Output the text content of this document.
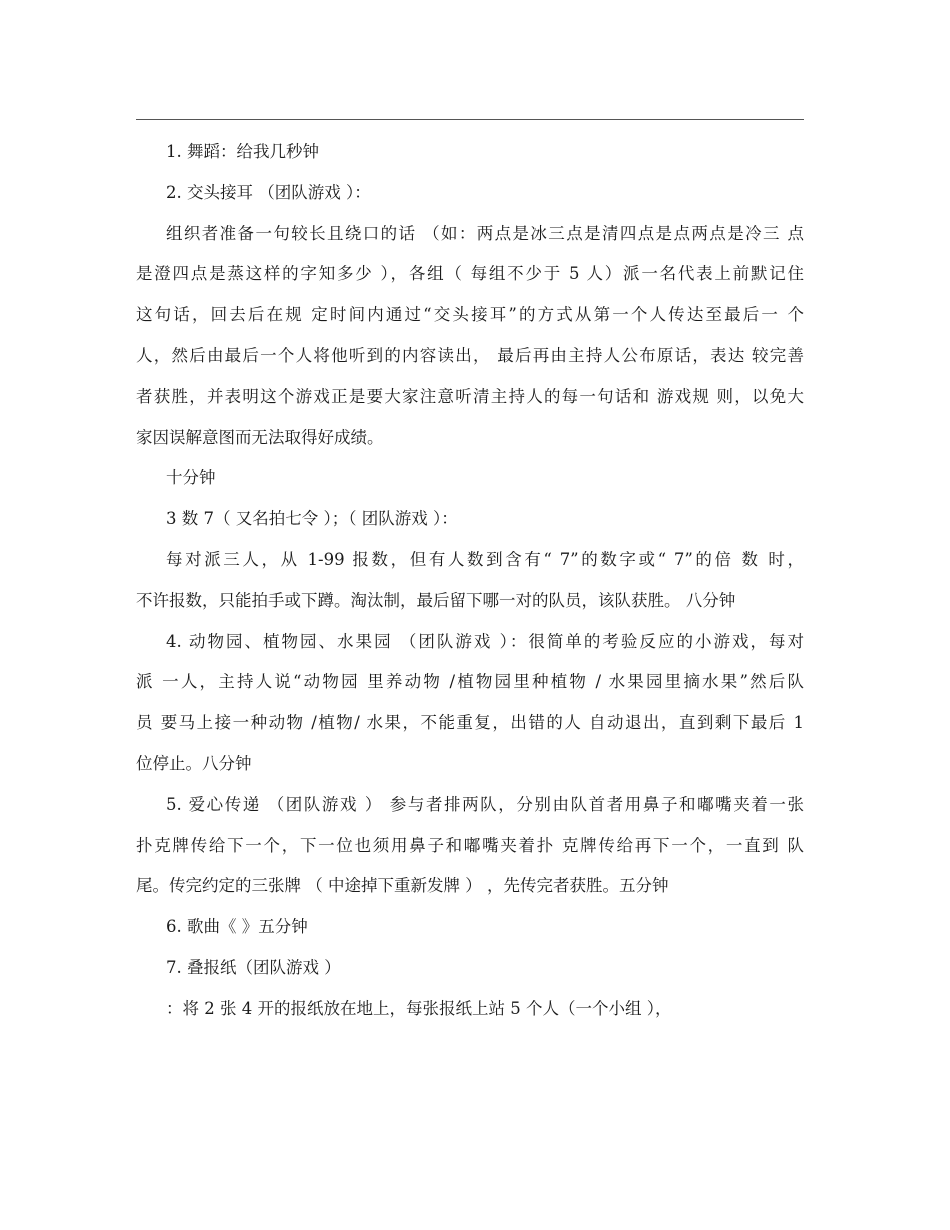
1. 舞蹈：给我几秒钟
2. 交头接耳 （团队游戏 ）：
组织者准备一句较长且绕口的话 （如：两点是冰三点是清四点是点两点是冷三 点
是澄四点是蒸这样的字知多少 ），各组（ 每组不少于 5 人）派一名代表上前默记住
这句话，回去后在规 定时间内通过“交头接耳”的方式从第一个人传达至最后一 个
人，然后由最后一个人将他听到的内容读出， 最后再由主持人公布原话，表达 较完善
者获胜，并表明这个游戏正是要大家注意听清主持人的每一句话和 游戏规 则，以免大
家因误解意图而无法取得好成绩。
十分钟
3 数 7（ 又名拍七令 ）；（ 团队游戏 ）：
每对派三人，从 1-99 报数，但有人数到含有“ 7”的数字或“ 7”的倍 数 时，
不许报数，只能拍手或下蹲。淘汰制，最后留下哪一对的队员，该队获胜。 八分钟
4. 动物园、植物园、水果园 （团队游戏 ）：很简单的考验反应的小游戏，每对
派 一人，主持人说“动物园 里养动物 /植物园里种植物 / 水果园里摘水果”然后队
员 要马上接一种动物 /植物/ 水果，不能重复，出错的人 自动退出，直到剩下最后 1
位停止。八分钟
5. 爱心传递 （团队游戏 ） 参与者排两队，分别由队首者用鼻子和嘟嘴夹着一张
扑克牌传给下一个，下一位也须用鼻子和嘟嘴夹着扑 克牌传给再下一个，一直到 队
尾。传完约定的三张牌 （ 中途掉下重新发牌 ） ，先传完者获胜。五分钟
6. 歌曲《 》五分钟
7. 叠报纸（团队游戏 ）
：将 2 张 4 开的报纸放在地上，每张报纸上站 5 个人（一个小组 ），
